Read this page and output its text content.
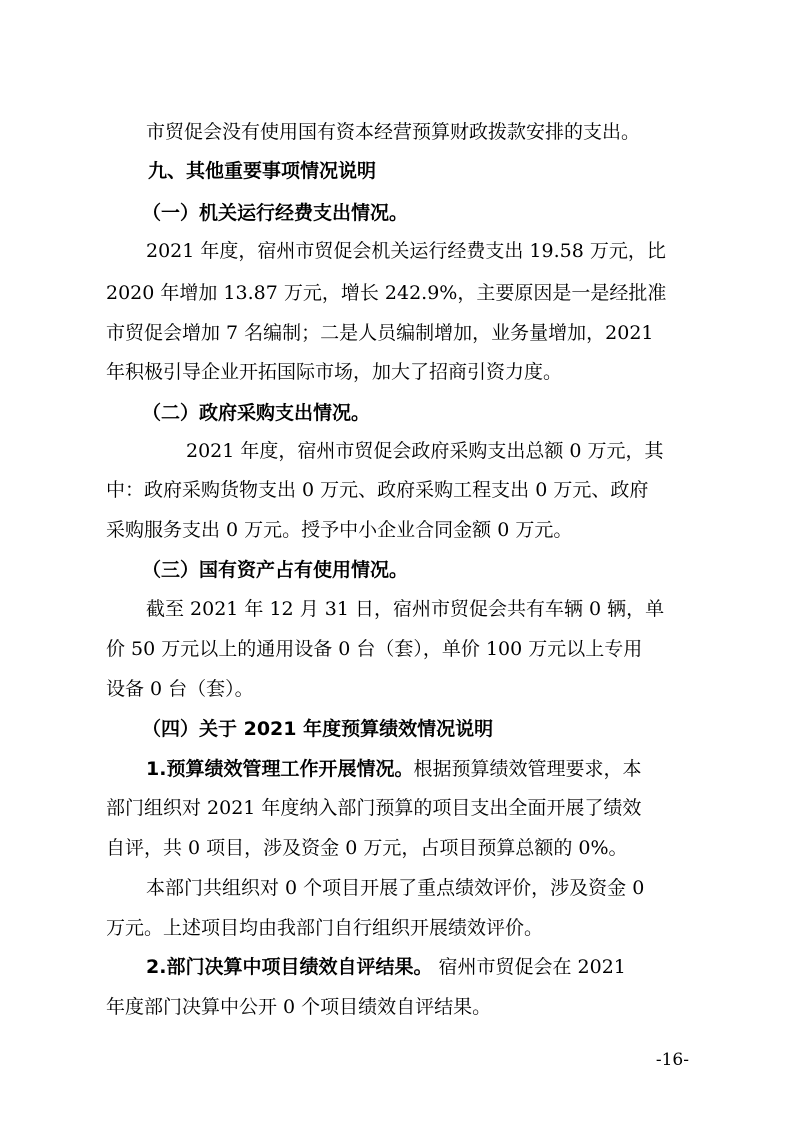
市贸促会没有使用国有资本经营预算财政拨款安排的支出。
九、其他重要事项情况说明
（一）机关运行经费支出情况。
2021 年度，宿州市贸促会机关运行经费支出 19.58 万元，比
2020 年增加 13.87 万元，增长 242.9%，主要原因是一是经批准
市贸促会增加 7 名编制；二是人员编制增加，业务量增加，2021
年积极引导企业开拓国际市场，加大了招商引资力度。
（二）政府采购支出情况。
2021 年度，宿州市贸促会政府采购支出总额 0 万元，其
中：政府采购货物支出 0 万元、政府采购工程支出 0 万元、政府
采购服务支出 0 万元。授予中小企业合同金额 0 万元。
（三）国有资产占有使用情况。
截至 2021 年 12 月 31 日，宿州市贸促会共有车辆 0 辆，单
价 50 万元以上的通用设备 0 台（套），单价 100 万元以上专用
设备 0 台（套）。
（四）关于 2021 年度预算绩效情况说明
1.预算绩效管理工作开展情况。根据预算绩效管理要求，本
部门组织对 2021 年度纳入部门预算的项目支出全面开展了绩效
自评，共 0 项目，涉及资金 0 万元，占项目预算总额的 0%。
本部门共组织对 0 个项目开展了重点绩效评价，涉及资金 0
万元。上述项目均由我部门自行组织开展绩效评价。
2.部门决算中项目绩效自评结果。 宿州市贸促会在 2021
年度部门决算中公开 0 个项目绩效自评结果。
-16-
